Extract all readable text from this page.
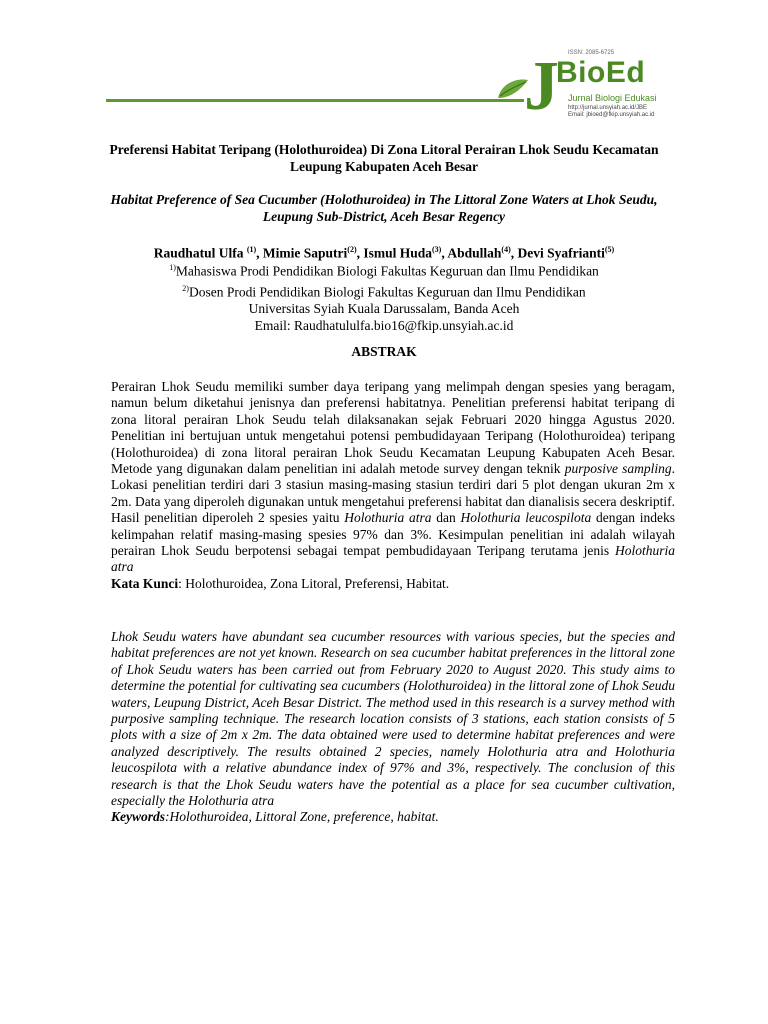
J ISSN: 2085-6725
BioEd
Jurnal Biologi Edukasi
http://jurnal.unsyiah.ac.id/JBE
Email: jbioed@fkip.unsyiah.ac.id
Preferensi Habitat Teripang (Holothuroidea) Di Zona Litoral Perairan Lhok Seudu Kecamatan Leupung Kabupaten Aceh Besar
Habitat Preference of Sea Cucumber (Holothuroidea) in The Littoral Zone Waters at Lhok Seudu, Leupung Sub-District, Aceh Besar Regency
Raudhatul Ulfa $^{(1)}$, Mimie Saputri$^{(2)}$, Ismul Huda$^{(3)}$, Abdullah$^{(4)}$, Devi Syafrianti$^{(5)}$
$^{1)}$Mahasiswa Prodi Pendidikan Biologi Fakultas Keguruan dan Ilmu Pendidikan
$^{2)}$Dosen Prodi Pendidikan Biologi Fakultas Keguruan dan Ilmu Pendidikan
Universitas Syiah Kuala Darussalam, Banda Aceh
Email: Raudhatululfa.bio16@fkip.unsyiah.ac.id
ABSTRAK
Perairan Lhok Seudu memiliki sumber daya teripang yang melimpah dengan spesies yang beragam, namun belum diketahui jenisnya dan preferensi habitatnya. Penelitian preferensi habitat teripang di zona litoral perairan Lhok Seudu telah dilaksanakan sejak Februari 2020 hingga Agustus 2020. Penelitian ini bertujuan untuk mengetahui potensi pembudidayaan Teripang (Holothuroidea) teripang (Holothuroidea) di zona litoral perairan Lhok Seudu Kecamatan Leupung Kabupaten Aceh Besar. Metode yang digunakan dalam penelitian ini adalah metode survey dengan teknik purposive sampling. Lokasi penelitian terdiri dari 3 stasiun masing-masing stasiun terdiri dari 5 plot dengan ukuran 2m x 2m. Data yang diperoleh digunakan untuk mengetahui preferensi habitat dan dianalisis secera deskriptif. Hasil penelitian diperoleh 2 spesies yaitu Holothuria atra dan Holothuria leucospilota dengan indeks kelimpahan relatif masing-masing spesies 97% dan 3%. Kesimpulan penelitian ini adalah wilayah perairan Lhok Seudu berpotensi sebagai tempat pembudidayaan Teripang terutama jenis Holothuria atra
Kata Kunci: Holothuroidea, Zona Litoral, Preferensi, Habitat.
Lhok Seudu waters have abundant sea cucumber resources with various species, but the species and habitat preferences are not yet known. Research on sea cucumber habitat preferences in the littoral zone of Lhok Seudu waters has been carried out from February 2020 to August 2020. This study aims to determine the potential for cultivating sea cucumbers (Holothuroidea) in the littoral zone of Lhok Seudu waters, Leupung District, Aceh Besar District. The method used in this research is a survey method with purposive sampling technique. The research location consists of 3 stations, each station consists of 5 plots with a size of 2m x 2m. The data obtained were used to determine habitat preferences and were analyzed descriptively. The results obtained 2 species, namely Holothuria atra and Holothuria leucospilota with a relative abundance index of 97% and 3%, respectively. The conclusion of this research is that the Lhok Seudu waters have the potential as a place for sea cucumber cultivation, especially the Holothuria atra
Keywords:Holothuroidea, Littoral Zone, preference, habitat.
